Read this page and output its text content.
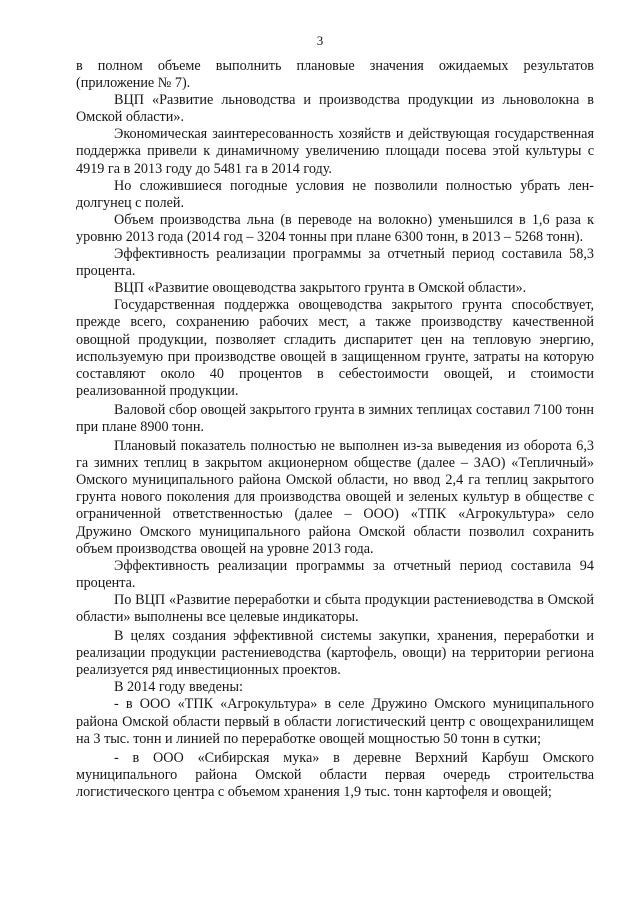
3

в полном объеме выполнить плановые значения ожидаемых результатов (приложение № 7).

ВЦП «Развитие льноводства и производства продукции из льноволокна в Омской области».

Экономическая заинтересованность хозяйств и действующая государственная поддержка привели к динамичному увеличению площади посева этой культуры с 4919 га в 2013 году до 5481 га в 2014 году.

Но сложившиеся погодные условия не позволили полностью убрать лен-долгунец с полей.

Объем производства льна (в переводе на волокно) уменьшился в 1,6 раза к уровню 2013 года (2014 год – 3204 тонны при плане 6300 тонн, в 2013 – 5268 тонн).

Эффективность реализации программы за отчетный период составила 58,3 процента.

ВЦП «Развитие овощеводства закрытого грунта в Омской области».

Государственная поддержка овощеводства закрытого грунта способствует, прежде всего, сохранению рабочих мест, а также производству качественной овощной продукции, позволяет сгладить диспаритет цен на тепловую энергию, используемую при производстве овощей в защищенном грунте, затраты на которую составляют около 40 процентов в себестоимости овощей, и стоимости реализованной продукции.

Валовой сбор овощей закрытого грунта в зимних теплицах составил 7100 тонн при плане 8900 тонн.

Плановый показатель полностью не выполнен из-за выведения из оборота 6,3 га зимних теплиц в закрытом акционерном обществе (далее – ЗАО) «Тепличный» Омского муниципального района Омской области, но ввод 2,4 га теплиц закрытого грунта нового поколения для производства овощей и зеленых культур в обществе с ограниченной ответственностью (далее – ООО) «ТПК «Агрокультура» село Дружино Омского муниципального района Омской области позволил сохранить объем производства овощей на уровне 2013 года.

Эффективность реализации программы за отчетный период составила 94 процента.

По ВЦП «Развитие переработки и сбыта продукции растениеводства в Омской области» выполнены все целевые индикаторы.

В целях создания эффективной системы закупки, хранения, переработки и реализации продукции растениеводства (картофель, овощи) на территории региона реализуется ряд инвестиционных проектов.

В 2014 году введены:

- в ООО «ТПК «Агрокультура» в селе Дружино Омского муниципального района Омской области первый в области логистический центр с овощехранилищем на 3 тыс. тонн и линией по переработке овощей мощностью 50 тонн в сутки;

- в ООО «Сибирская мука» в деревне Верхний Карбуш Омского муниципального района Омской области первая очередь строительства логистического центра с объемом хранения 1,9 тыс. тонн картофеля и овощей;
